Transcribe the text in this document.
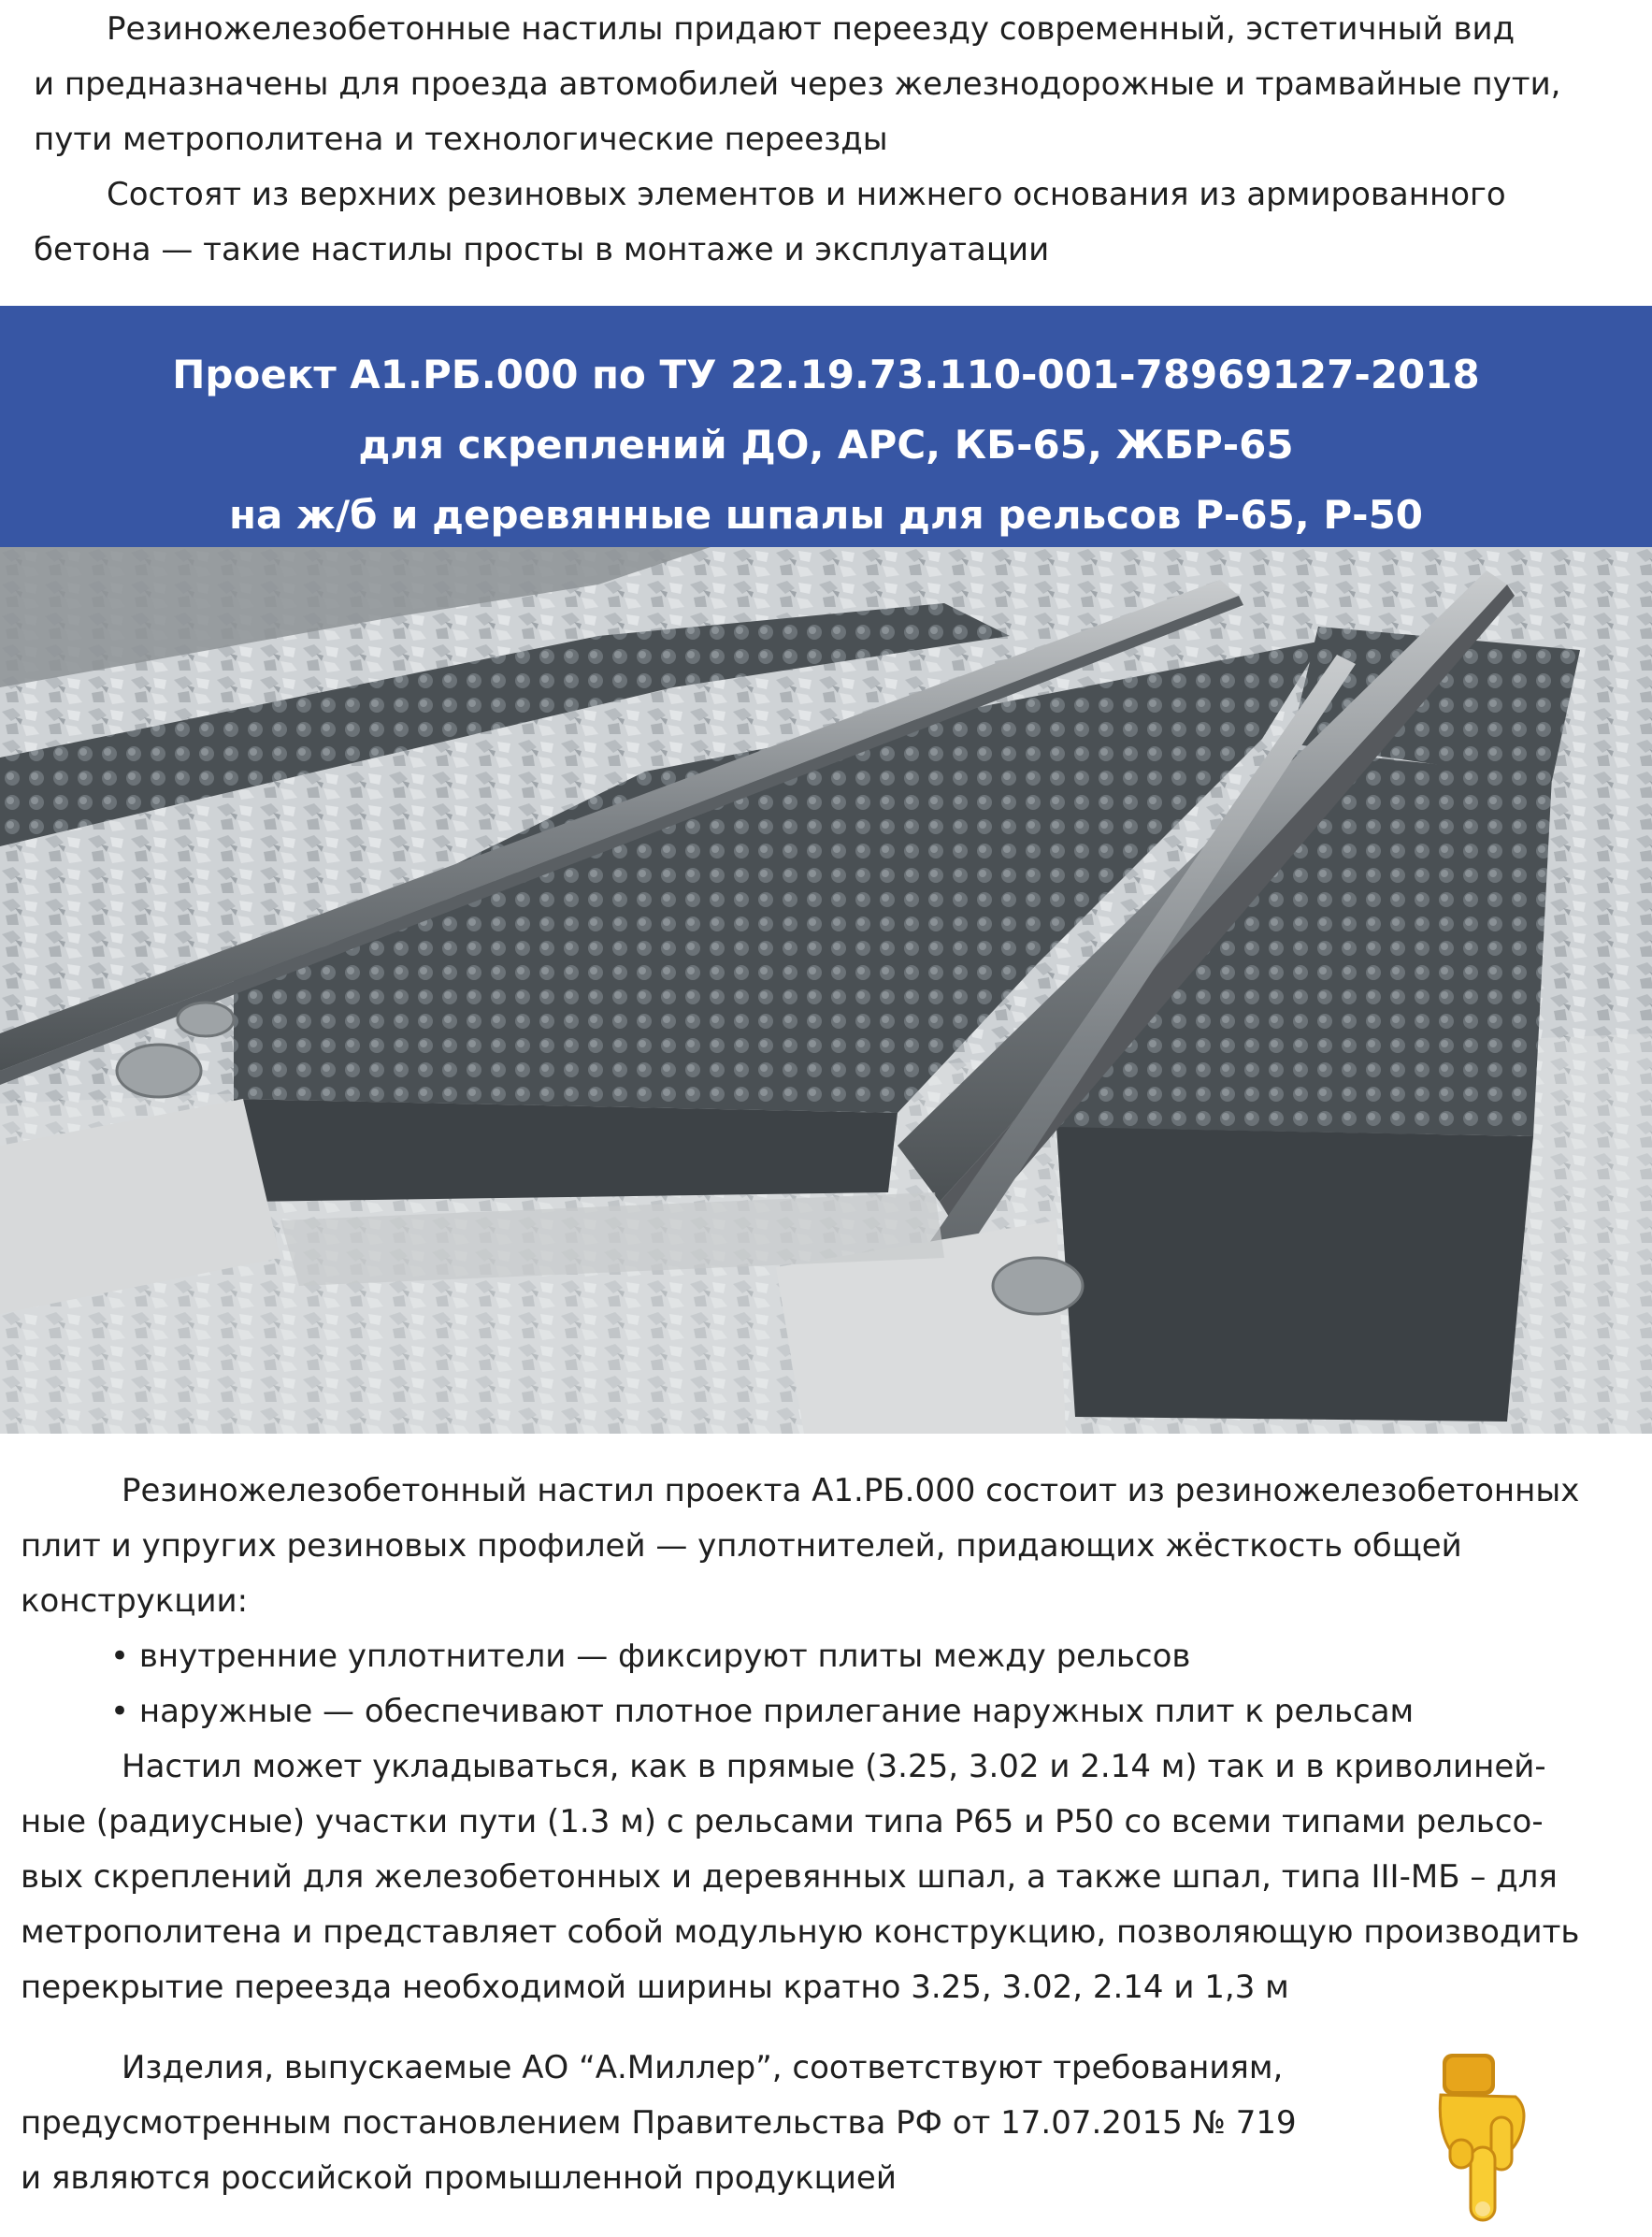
Резиножелезобетонные настилы придают переезду современный, эстетичный вид

и предназначены для проезда автомобилей через железнодорожные и трамвайные пути,

пути метрополитена и технологические переезды

Состоят из верхних резиновых элементов и нижнего основания из армированного

бетона — такие настилы просты в монтаже и эксплуатации

Проект А1.РБ.000 по ТУ 22.19.73.110-001-78969127-2018
для скреплений ДО, АРС, КБ-65, ЖБР-65
на ж/б и деревянные шпалы для рельсов Р-65, Р-50

Резиножелезобетонный настил проекта А1.РБ.000 состоит из резиножелезобетонных

плит и упругих резиновых профилей — уплотнителей, придающих жёсткость общей

конструкции:

• внутренние уплотнители — фиксируют плиты между рельсов

• наружные — обеспечивают плотное прилегание наружных плит к рельсам

Настил может укладываться, как в прямые (3.25, 3.02 и 2.14 м) так и в криволиней-

ные (радиусные) участки пути (1.3 м) с рельсами типа Р65 и Р50 со всеми типами рельсо-

вых скреплений для железобетонных и деревянных шпал, а также шпал, типа III-МБ – для

метрополитена и представляет собой модульную конструкцию, позволяющую производить

перекрытие переезда необходимой ширины кратно 3.25, 3.02, 2.14 и 1,3 м

Изделия, выпускаемые АО “А.Миллер”, соответствуют требованиям,

предусмотренным постановлением Правительства РФ от 17.07.2015 № 719

и являются российской промышленной продукцией
